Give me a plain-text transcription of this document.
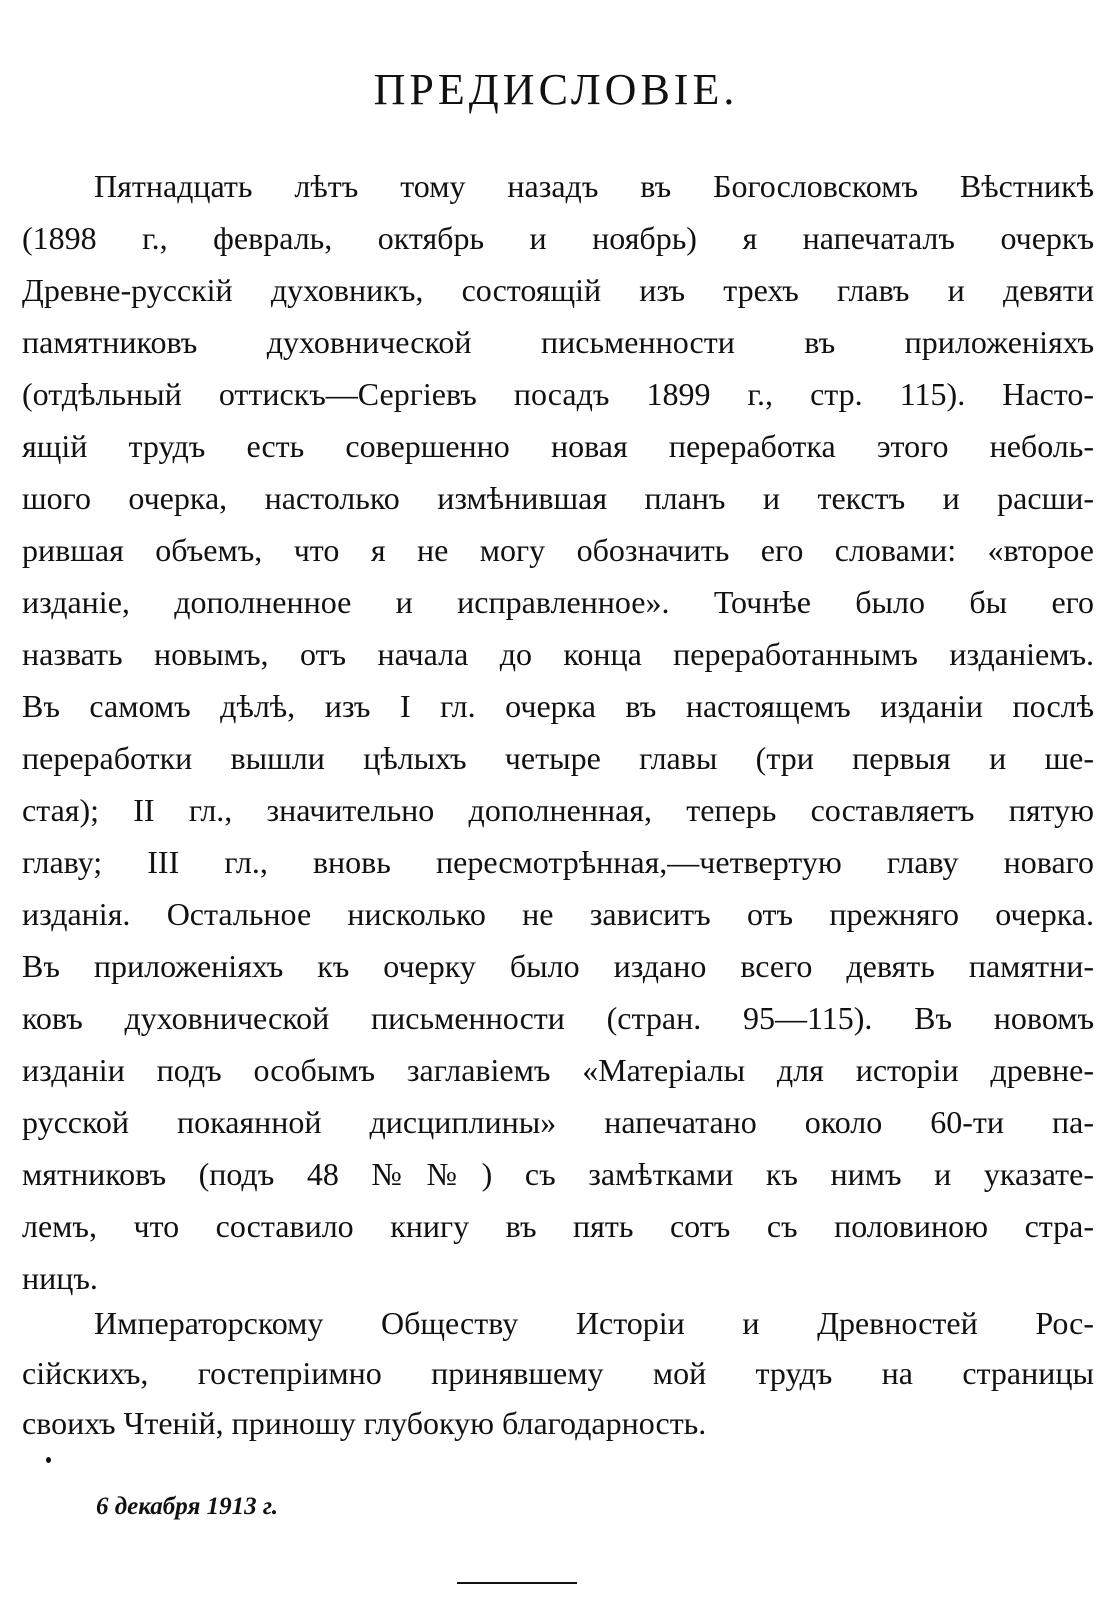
ПРЕДИСЛОВІЕ.
Пятнадцать лѣтъ тому назадъ въ Богословскомъ Вѣстникѣ
(1898 г., февраль, октябрь и ноябрь) я напечаталъ очеркъ
Древне-русскій духовникъ, состоящій изъ трехъ главъ и девяти
памятниковъ духовнической письменности въ приложеніяхъ
(отдѣльный оттискъ—Сергіевъ посадъ 1899 г., стр. 115). Насто-
ящій трудъ есть совершенно новая переработка этого неболь-
шого очерка, настолько измѣнившая планъ и текстъ и расши-
рившая объемъ, что я не могу обозначить его словами: «второе
изданіе, дополненное и исправленное». Точнѣе было бы его
назвать новымъ, отъ начала до конца переработаннымъ изданіемъ.
Въ самомъ дѣлѣ, изъ I гл. очерка въ настоящемъ изданіи послѣ
переработки вышли цѣлыхъ четыре главы (три первыя и ше-
стая); II гл., значительно дополненная, теперь составляетъ пятую
главу; III гл., вновь пересмотрѣнная,—четвертую главу новаго
изданія. Остальное нисколько не зависитъ отъ прежняго очерка.
Въ приложеніяхъ къ очерку было издано всего девять памятни-
ковъ духовнической письменности (стран. 95—115). Въ новомъ
изданіи подъ особымъ заглавіемъ «Матеріалы для исторіи древне-
русской покаянной дисциплины» напечатано около 60-ти па-
мятниковъ (подъ 48 №№) съ замѣтками къ нимъ и указате-
лемъ, что составило книгу въ пять сотъ съ половиною стра-
ницъ.
Императорскому Обществу Исторіи и Древностей Рос-
сійскихъ, гостепріимно принявшему мой трудъ на страницы
своихъ Чтеній, приношу глубокую благодарность.
6 декабря 1913 г.
